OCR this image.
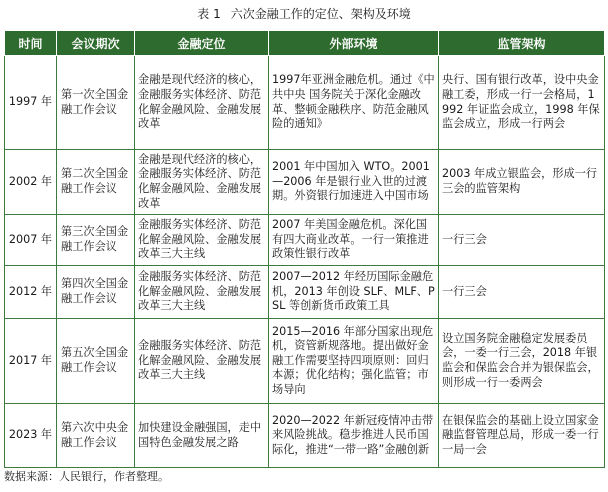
表 1 六次金融工作的定位、架构及环境
时间	会议期次	金融定位	外部环境	监管架构
1997 年	第一次全国金融工作会议	金融是现代经济的核心，金融服务实体经济、防范化解金融风险、金融发展改革	1997年亚洲金融危机。通过《中共中央 国务院关于深化金融改革、整顿金融秩序、防范金融风险的通知》	央行、国有银行改革，设中央金融工委，形成一行一会格局，1992 年证监会成立，1998 年保监会成立，形成一行两会
2002 年	第二次全国金融工作会议	金融是现代经济的核心，金融服务实体经济、防范化解金融风险、金融发展改革	2001 年中国加入 WTO。2001—2006 年是银行业入世的过渡期。外资银行加速进入中国市场	2003 年成立银监会，形成一行三会的监管架构
2007 年	第三次全国金融工作会议	金融服务实体经济、防范化解金融风险、金融发展改革三大主线	2007 年美国金融危机。深化国有四大商业改革。一行一策推进政策性银行改革	一行三会
2012 年	第四次全国金融工作会议	金融服务实体经济、防范化解金融风险、金融发展改革三大主线	2007—2012 年经历国际金融危机，2013 年创设 SLF、MLF、PSL 等创新货币政策工具	一行三会
2017 年	第五次全国金融工作会议	金融服务实体经济、防范化解金融风险、金融发展改革三大主线	2015—2016 年部分国家出现危机，资管新规落地。提出做好金融工作需要坚持四项原则：回归本源；优化结构；强化监管；市场导向	设立国务院金融稳定发展委员会，一委一行三会，2018 年银监会和保监会合并为银保监会，则形成一行一委两会
2023 年	第六次中央金融工作会议	加快建设金融强国，走中国特色金融发展之路	2020—2022 年新冠疫情冲击带来风险挑战。稳步推进人民币国际化，推进“一带一路”金融创新	在银保监会的基础上设立国家金融监督管理总局，形成一委一行一局一会
数据来源：人民银行，作者整理。
